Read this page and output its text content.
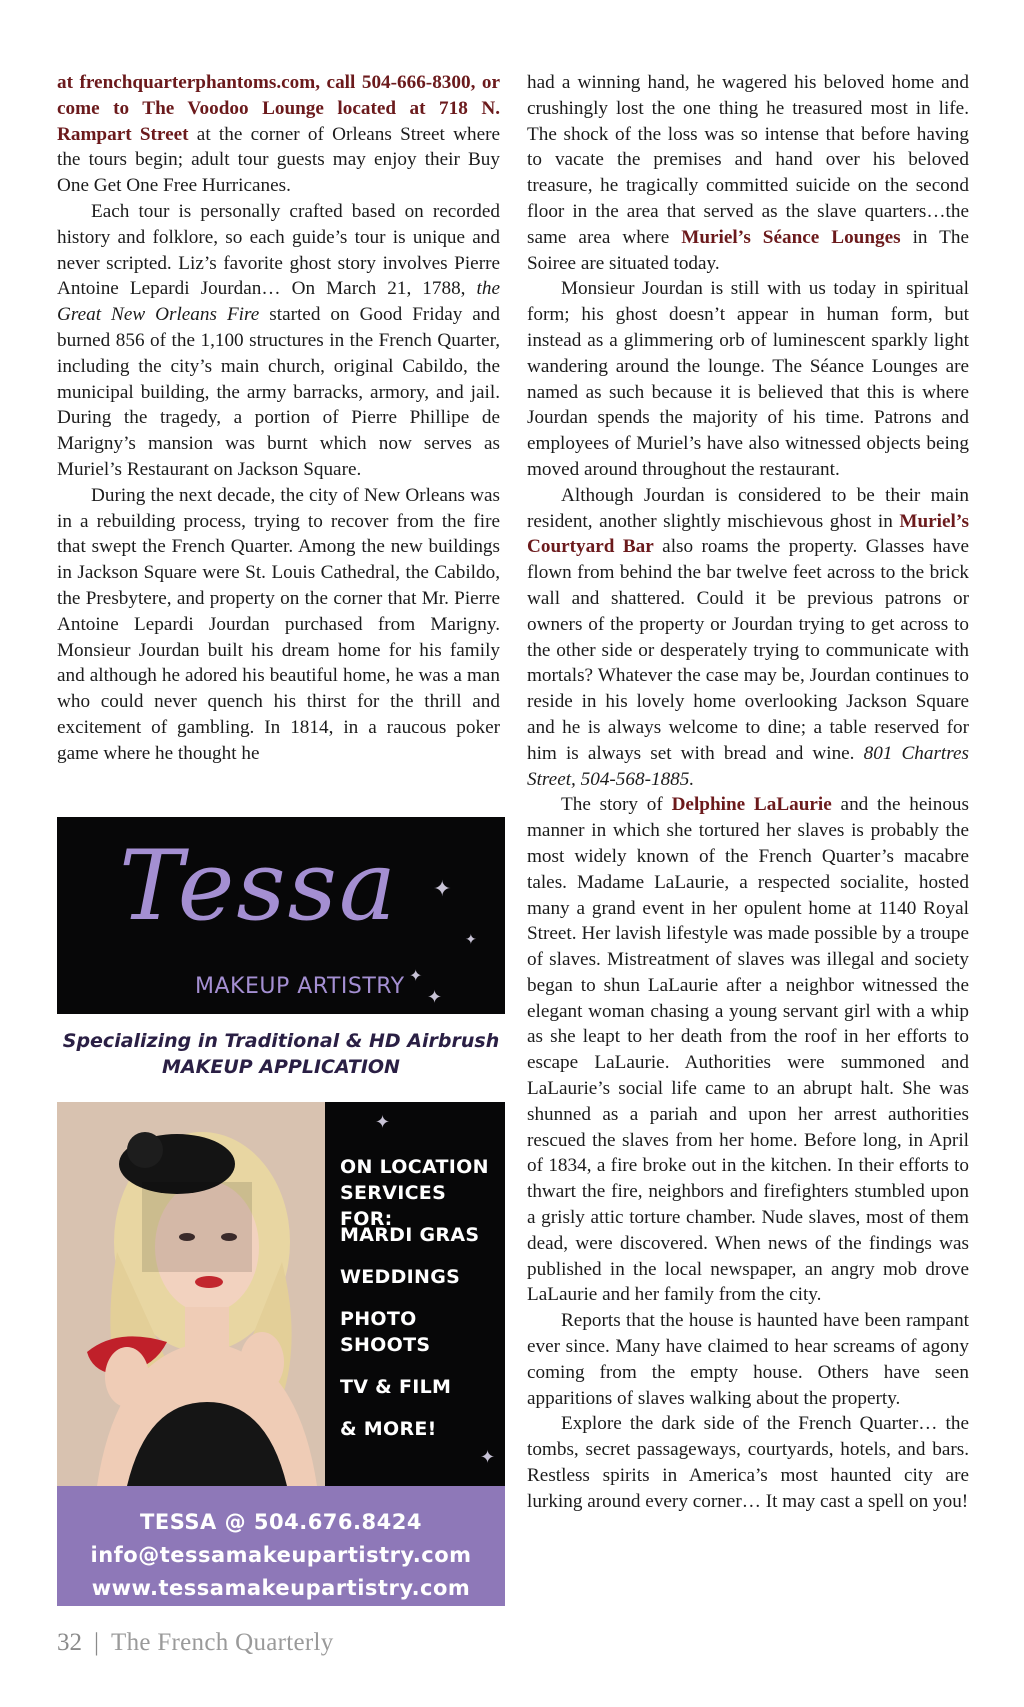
at frenchquarterphantoms.com, call 504-666-8300, or come to The Voodoo Lounge located at 718 N. Rampart Street at the corner of Orleans Street where the tours begin; adult tour guests may enjoy their Buy One Get One Free Hurricanes.

Each tour is personally crafted based on recorded history and folklore, so each guide’s tour is unique and never scripted. Liz’s favorite ghost story involves Pierre Antoine Lepardi Jourdan… On March 21, 1788, the Great New Orleans Fire started on Good Friday and burned 856 of the 1,100 structures in the French Quarter, including the city’s main church, original Cabildo, the municipal building, the army barracks, armory, and jail. During the tragedy, a portion of Pierre Phillipe de Marigny’s mansion was burnt which now serves as Muriel’s Restaurant on Jackson Square.

During the next decade, the city of New Orleans was in a rebuilding process, trying to recover from the fire that swept the French Quarter. Among the new buildings in Jackson Square were St. Louis Cathedral, the Cabildo, the Presbytere, and property on the corner that Mr. Pierre Antoine Lepardi Jourdan purchased from Marigny. Monsieur Jourdan built his dream home for his family and although he adored his beautiful home, he was a man who could never quench his thirst for the thrill and excitement of gambling. In 1814, in a raucous poker game where he thought he

had a winning hand, he wagered his beloved home and crushingly lost the one thing he treasured most in life. The shock of the loss was so intense that before having to vacate the premises and hand over his beloved treasure, he tragically committed suicide on the second floor in the area that served as the slave quarters…the same area where Muriel’s Séance Lounges in The Soiree are situated today.

Monsieur Jourdan is still with us today in spiritual form; his ghost doesn’t appear in human form, but instead as a glimmering orb of luminescent sparkly light wandering around the lounge. The Séance Lounges are named as such because it is believed that this is where Jourdan spends the majority of his time. Patrons and employees of Muriel’s have also witnessed objects being moved around throughout the restaurant.

Although Jourdan is considered to be their main resident, another slightly mischievous ghost in Muriel’s Courtyard Bar also roams the property. Glasses have flown from behind the bar twelve feet across to the brick wall and shattered. Could it be previous patrons or owners of the property or Jourdan trying to get across to the other side or desperately trying to communicate with mortals? Whatever the case may be, Jourdan continues to reside in his lovely home overlooking Jackson Square and he is always welcome to dine; a table reserved for him is always set with bread and wine. 801 Chartres Street, 504-568-1885.

The story of Delphine LaLaurie and the heinous manner in which she tortured her slaves is probably the most widely known of the French Quarter’s macabre tales. Madame LaLaurie, a respected socialite, hosted many a grand event in her opulent home at 1140 Royal Street. Her lavish lifestyle was made possible by a troupe of slaves. Mistreatment of slaves was illegal and society began to shun LaLaurie after a neighbor witnessed the elegant woman chasing a young servant girl with a whip as she leapt to her death from the roof in her efforts to escape LaLaurie. Authorities were summoned and LaLaurie’s social life came to an abrupt halt. She was shunned as a pariah and upon her arrest authorities rescued the slaves from her home. Before long, in April of 1834, a fire broke out in the kitchen. In their efforts to thwart the fire, neighbors and firefighters stumbled upon a grisly attic torture chamber. Nude slaves, most of them dead, were discovered. When news of the findings was published in the local newspaper, an angry mob drove LaLaurie and her family from the city.

Reports that the house is haunted have been rampant ever since. Many have claimed to hear screams of agony coming from the empty house. Others have seen apparitions of slaves walking about the property.

Explore the dark side of the French Quarter… the tombs, secret passageways, courtyards, hotels, and bars. Restless spirits in America’s most haunted city are lurking around every corner… It may cast a spell on you!

Tessa ✦
✦
✦
✦
MAKEUP ARTISTRY
Specializing in Traditional & HD Airbrush
MAKEUP APPLICATION
✦
ON LOCATION
SERVICES FOR:
MARDI GRAS
WEDDINGS
PHOTO
SHOOTS
TV & FILM
& MORE!
✦
TESSA @ 504.676.8424
info@tessamakeupartistry.com
www.tessamakeupartistry.com
32 | The French Quarterly
